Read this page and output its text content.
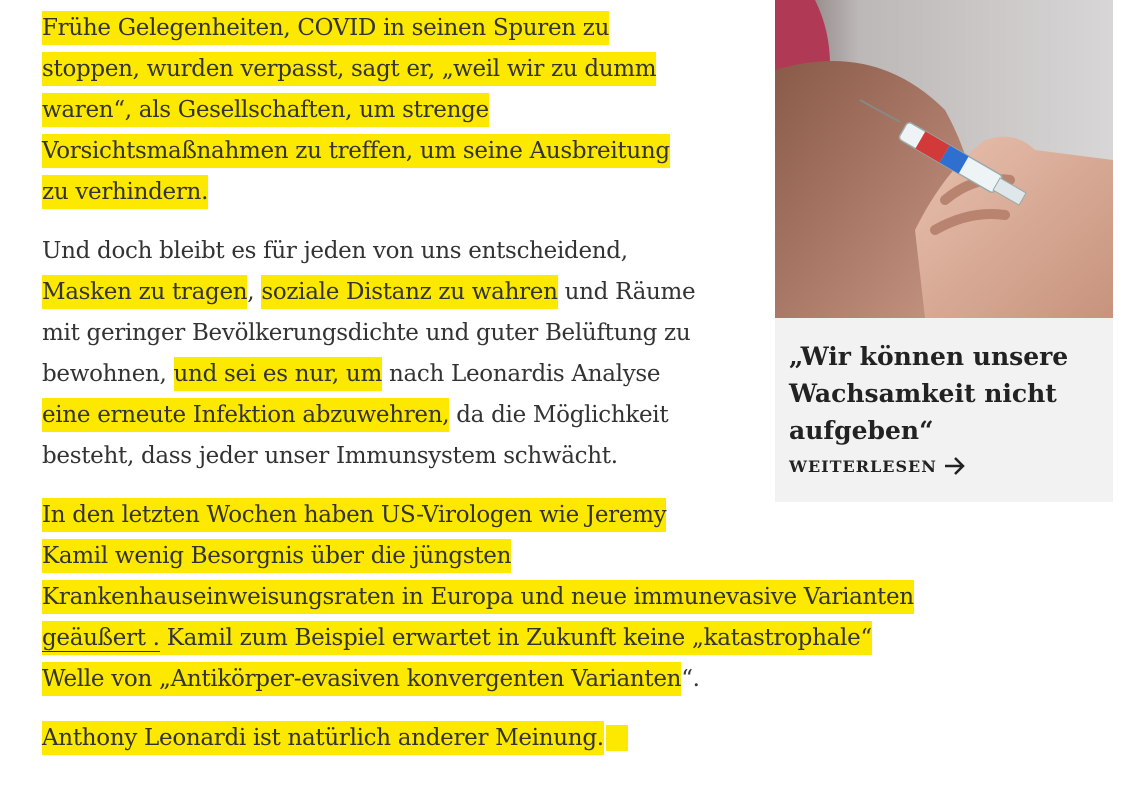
Frühe Gelegenheiten, COVID in seinen Spuren zu
stoppen, wurden verpasst, sagt er, „weil wir zu dumm
waren“, als Gesellschaften, um strenge
Vorsichtsmaßnahmen zu treffen, um seine Ausbreitung
zu verhindern.
Und doch bleibt es für jeden von uns entscheidend,
Masken zu tragen, soziale Distanz zu wahren und Räume
mit geringer Bevölkerungsdichte und guter Belüftung zu
bewohnen, und sei es nur, um nach Leonardis Analyse
eine erneute Infektion abzuwehren, da die Möglichkeit
besteht, dass jeder unser Immunsystem schwächt.
In den letzten Wochen haben US-Virologen wie Jeremy
Kamil wenig Besorgnis über die jüngsten
Krankenhauseinweisungsraten in Europa und neue immunevasive Varianten
geäußert . Kamil zum Beispiel erwartet in Zukunft keine „katastrophale“
Welle von „Antikörper-evasiven konvergenten Varianten“.
Anthony Leonardi ist natürlich anderer Meinung.
„Wir können unsere Wachsamkeit nicht aufgeben“
WEITERLESEN
